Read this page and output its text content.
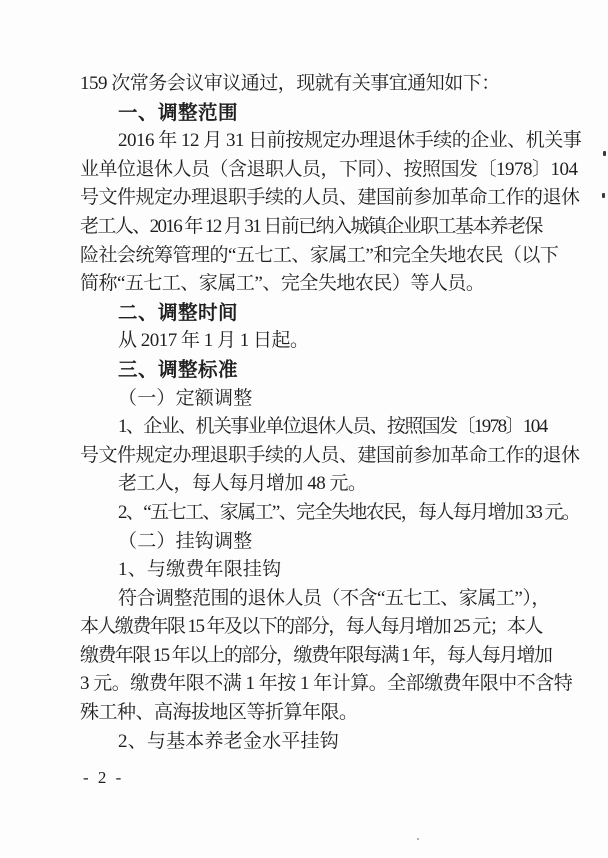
159 次常务会议审议通过，现就有关事宜通知如下：
一、调整范围
2016 年 12 月 31 日前按规定办理退休手续的企业、机关事
业单位退休人员（含退职人员，下同）、按照国发〔1978〕104
号文件规定办理退职手续的人员、建国前参加革命工作的退休
老工人、2016 年 12 月 31 日前已纳入城镇企业职工基本养老保
险社会统筹管理的“五七工、家属工”和完全失地农民（以下
简称“五七工、家属工”、完全失地农民）等人员。
二、调整时间
从 2017 年 1 月 1 日起。
三、调整标准
（一）定额调整
1、企业、机关事业单位退休人员、按照国发〔1978〕104
号文件规定办理退职手续的人员、建国前参加革命工作的退休
老工人，每人每月增加 48 元。
2、“五七工、家属工”、完全失地农民，每人每月增加 33 元。
（二）挂钩调整
1、与缴费年限挂钩
符合调整范围的退休人员（不含“五七工、家属工”），
本人缴费年限 15 年及以下的部分，每人每月增加 25 元；本人
缴费年限 15 年以上的部分，缴费年限每满 1 年，每人每月增加
3 元。缴费年限不满 1 年按 1 年计算。全部缴费年限中不含特
殊工种、高海拔地区等折算年限。
2、与基本养老金水平挂钩
- 2 -
